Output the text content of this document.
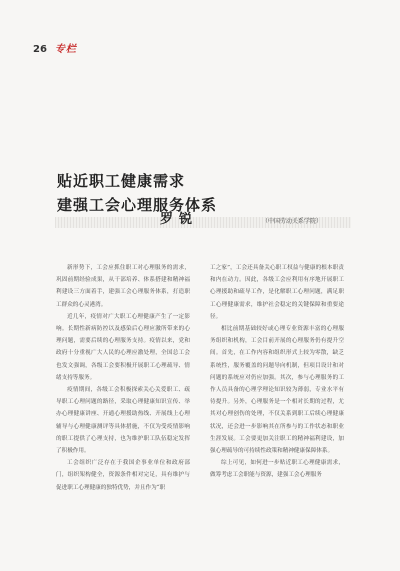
26 专栏
贴近职工健康需求
建强工会心理服务体系
罗锐	（中国劳动关系学院）

新形势下，工会应抓住职工对心理服务的需求，巩固前期经验成果，从干部培养、体系搭建和精神福利建设三方面着手，建强工会心理服务体系，打造职工群众的心灵港湾。

近几年，疫情对广大职工心理健康产生了一定影响。长期性新病防控以及感染后心理应激所带来的心理问题，需要后续的心理服务支持。疫情以来，党和政府十分重视广大人民的心理应激处理，全国总工会也发文强调，各级工会要积极开展职工心理疏导、情绪支持等服务。

疫情期间，各级工会积极探索关心关爱职工、疏导职工心理问题的路径，采取心理健康知识宣传、举办心理健康讲座、开通心理援助热线、开展线上心理辅导与心理健康测评等具体措施，不仅为受疫情影响的职工提供了心理支持，也为维护职工队伍稳定发挥了积极作用。

工会组织广泛存在于我国企事业单位和政府部门，组织架构健全，资源条件相对完足，具有维护与促进职工心理健康的独特优势，并且作为“职

工之家”，工会还具备关心职工权益与健康的根本职责和内在动力。因此，各级工会应利用有序地开展职工心理援助和疏导工作，是化解职工心理问题，满足职工心理健康需求，维护社会稳定的关键保障和重要途径。

相比前期基础较好或心理专业资源丰富的心理服务组织和机构，工会目前开展的心理服务仍有提升空间。首先，在工作内容和组织形式上较为零散，缺乏系统性，服务覆盖的问题导向机制，但项目设计和对问题的系统应对仍应加强。其次，参与心理服务的工作人员具备的心理学理论知识较为薄弱，专业水平有待提升。另外，心理服务是一个相对长期的过程，尤其对心理创伤的处理，不仅关系到职工后续心理健康状况，还会进一步影响其在所参与的工作状态和职业生涯发展。工会要更加关注职工的精神福利建设，加强心理疏导的可持续性政策和精神健康保障体系。

综上可见，如何进一步贴近职工心理健康需求，做筹考虑工会职能与资源，建强工会心理服务
